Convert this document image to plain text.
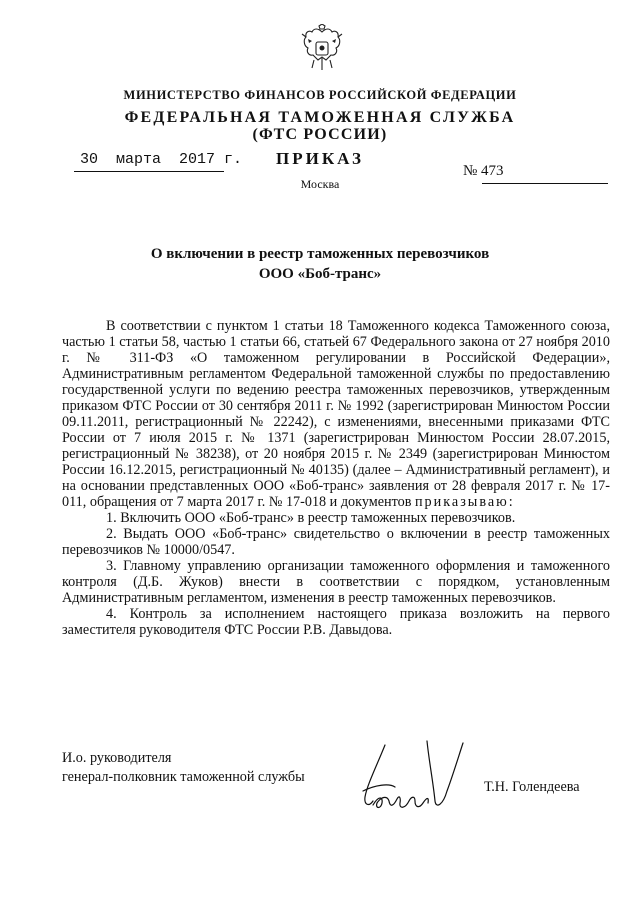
МИНИСТЕРСТВО ФИНАНСОВ РОССИЙСКОЙ ФЕДЕРАЦИИ
ФЕДЕРАЛЬНАЯ ТАМОЖЕННАЯ СЛУЖБА
(ФТС РОССИИ)
ПРИКАЗ
30  марта  2017 г.
№ 473
Москва
О включении в реестр таможенных перевозчиков
ООО «Боб-транс»

В соответствии с пунктом 1 статьи 18 Таможенного кодекса Таможенного союза, частью 1 статьи 58, частью 1 статьи 66, статьей 67 Федерального закона от 27 ноября 2010 г. № 311-ФЗ «О таможенном регулировании в Российской Федерации», Административным регламентом Федеральной таможенной службы по предоставлению государственной услуги по ведению реестра таможенных перевозчиков, утвержденным приказом ФТС России от 30 сентября 2011 г. № 1992 (зарегистрирован Минюстом России 09.11.2011, регистрационный № 22242), с изменениями, внесенными приказами ФТС России от 7 июля 2015 г. № 1371 (зарегистрирован Минюстом России 28.07.2015, регистрационный № 38238), от 20 ноября 2015 г. № 2349 (зарегистрирован Минюстом России 16.12.2015, регистрационный № 40135) (далее – Административный регламент), и на основании представленных ООО «Боб-транс» заявления от 28 февраля 2017 г. № 17-011, обращения от 7 марта 2017 г. № 17-018 и документов приказываю:

1. Включить ООО «Боб-транс» в реестр таможенных перевозчиков.

2. Выдать ООО «Боб-транс» свидетельство о включении в реестр таможенных перевозчиков № 10000/0547.

3. Главному управлению организации таможенного оформления и таможенного контроля (Д.Б. Жуков) внести в соответствии с порядком, установленным Административным регламентом, изменения в реестр таможенных перевозчиков.

4. Контроль за исполнением настоящего приказа возложить на первого заместителя руководителя ФТС России Р.В. Давыдова.

И.о. руководителя
генерал-полковник таможенной службы
Т.Н. Голендеева
